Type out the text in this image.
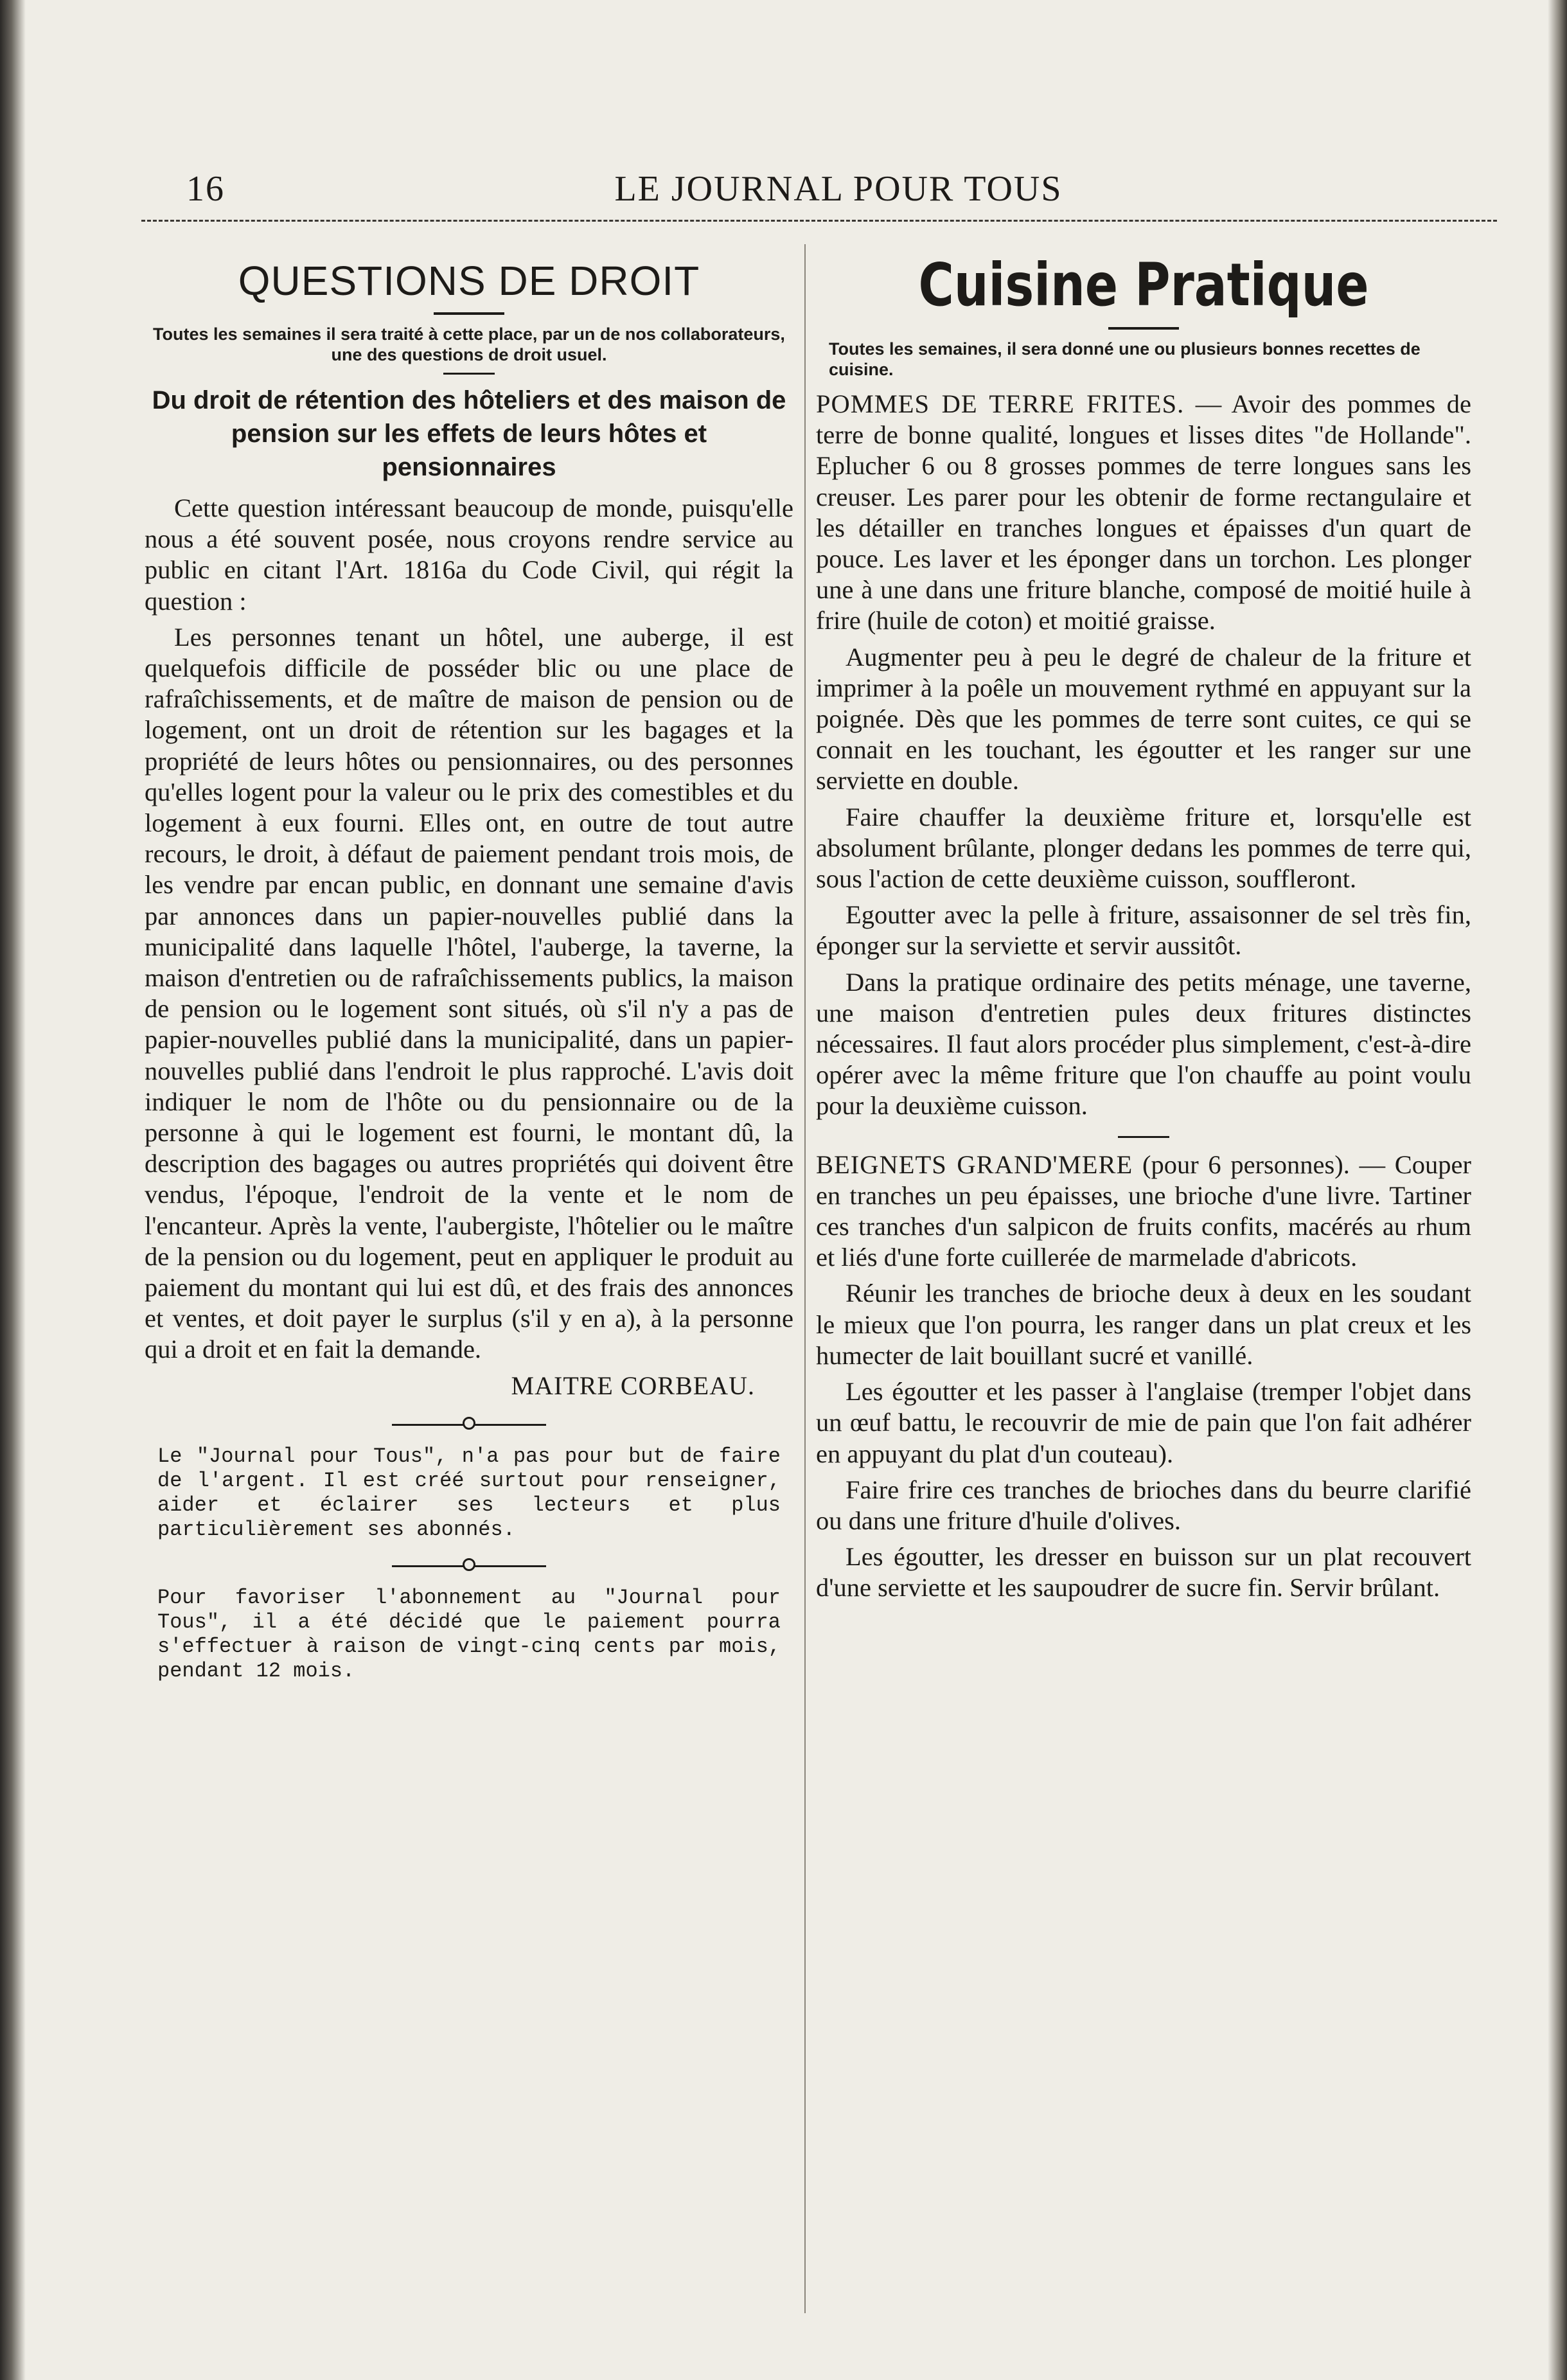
16	LE JOURNAL POUR TOUS
QUESTIONS DE DROIT
Toutes les semaines il sera traité à cette place, par un de nos collaborateurs, une des questions de droit usuel.
Du droit de rétention des hôteliers et des maison de pension sur les effets de leurs hôtes et pensionnaires

Cette question intéressant beaucoup de monde, puisqu'elle nous a été souvent posée, nous croyons rendre service au public en citant l'Art. 1816a du Code Civil, qui régit la question :

Les personnes tenant un hôtel, une auberge, il est quelquefois difficile de posséder blic ou une place de rafraîchissements, et de maître de maison de pension ou de logement, ont un droit de rétention sur les bagages et la propriété de leurs hôtes ou pensionnaires, ou des personnes qu'elles logent pour la valeur ou le prix des comestibles et du logement à eux fourni. Elles ont, en outre de tout autre recours, le droit, à défaut de paiement pendant trois mois, de les vendre par encan public, en donnant une semaine d'avis par annonces dans un papier-nouvelles publié dans la municipalité dans laquelle l'hôtel, l'auberge, la taverne, la maison d'entretien ou de rafraîchissements publics, la maison de pension ou le logement sont situés, où s'il n'y a pas de papier-nouvelles publié dans la municipalité, dans un papier-nouvelles publié dans l'endroit le plus rapproché. L'avis doit indiquer le nom de l'hôte ou du pensionnaire ou de la personne à qui le logement est fourni, le montant dû, la description des bagages ou autres propriétés qui doivent être vendus, l'époque, l'endroit de la vente et le nom de l'encanteur. Après la vente, l'aubergiste, l'hôtelier ou le maître de la pension ou du logement, peut en appliquer le produit au paiement du montant qui lui est dû, et des frais des annonces et ventes, et doit payer le surplus (s'il y en a), à la personne qui a droit et en fait la demande.

MAITRE CORBEAU.
Le "Journal pour Tous", n'a pas pour but de faire de l'argent. Il est créé surtout pour renseigner, aider et éclairer ses lecteurs et plus particulièrement ses abonnés.
Pour favoriser l'abonnement au "Journal pour Tous", il a été décidé que le paiement pourra s'effectuer à raison de vingt-cinq cents par mois, pendant 12 mois.
Cuisine Pratique
Toutes les semaines, il sera donné une ou plusieurs bonnes recettes de cuisine.

POMMES DE TERRE FRITES. — Avoir des pommes de terre de bonne qualité, longues et lisses dites "de Hollande". Eplucher 6 ou 8 grosses pommes de terre longues sans les creuser. Les parer pour les obtenir de forme rectangulaire et les détailler en tranches longues et épaisses d'un quart de pouce. Les laver et les éponger dans un torchon. Les plonger une à une dans une friture blanche, composé de moitié huile à frire (huile de coton) et moitié graisse.

Augmenter peu à peu le degré de chaleur de la friture et imprimer à la poêle un mouvement rythmé en appuyant sur la poignée. Dès que les pommes de terre sont cuites, ce qui se connait en les touchant, les égoutter et les ranger sur une serviette en double.

Faire chauffer la deuxième friture et, lorsqu'elle est absolument brûlante, plonger dedans les pommes de terre qui, sous l'action de cette deuxième cuisson, souffleront.

Egoutter avec la pelle à friture, assaisonner de sel très fin, éponger sur la serviette et servir aussitôt.

Dans la pratique ordinaire des petits ménage, une taverne, une maison d'entretien pules deux fritures distinctes nécessaires. Il faut alors procéder plus simplement, c'est-à-dire opérer avec la même friture que l'on chauffe au point voulu pour la deuxième cuisson.

BEIGNETS GRAND'MERE (pour 6 personnes). — Couper en tranches un peu épaisses, une brioche d'une livre. Tartiner ces tranches d'un salpicon de fruits confits, macérés au rhum et liés d'une forte cuillerée de marmelade d'abricots.

Réunir les tranches de brioche deux à deux en les soudant le mieux que l'on pourra, les ranger dans un plat creux et les humecter de lait bouillant sucré et vanillé.

Les égoutter et les passer à l'anglaise (tremper l'objet dans un œuf battu, le recouvrir de mie de pain que l'on fait adhérer en appuyant du plat d'un couteau).

Faire frire ces tranches de brioches dans du beurre clarifié ou dans une friture d'huile d'olives.

Les égoutter, les dresser en buisson sur un plat recouvert d'une serviette et les saupoudrer de sucre fin. Servir brûlant.
